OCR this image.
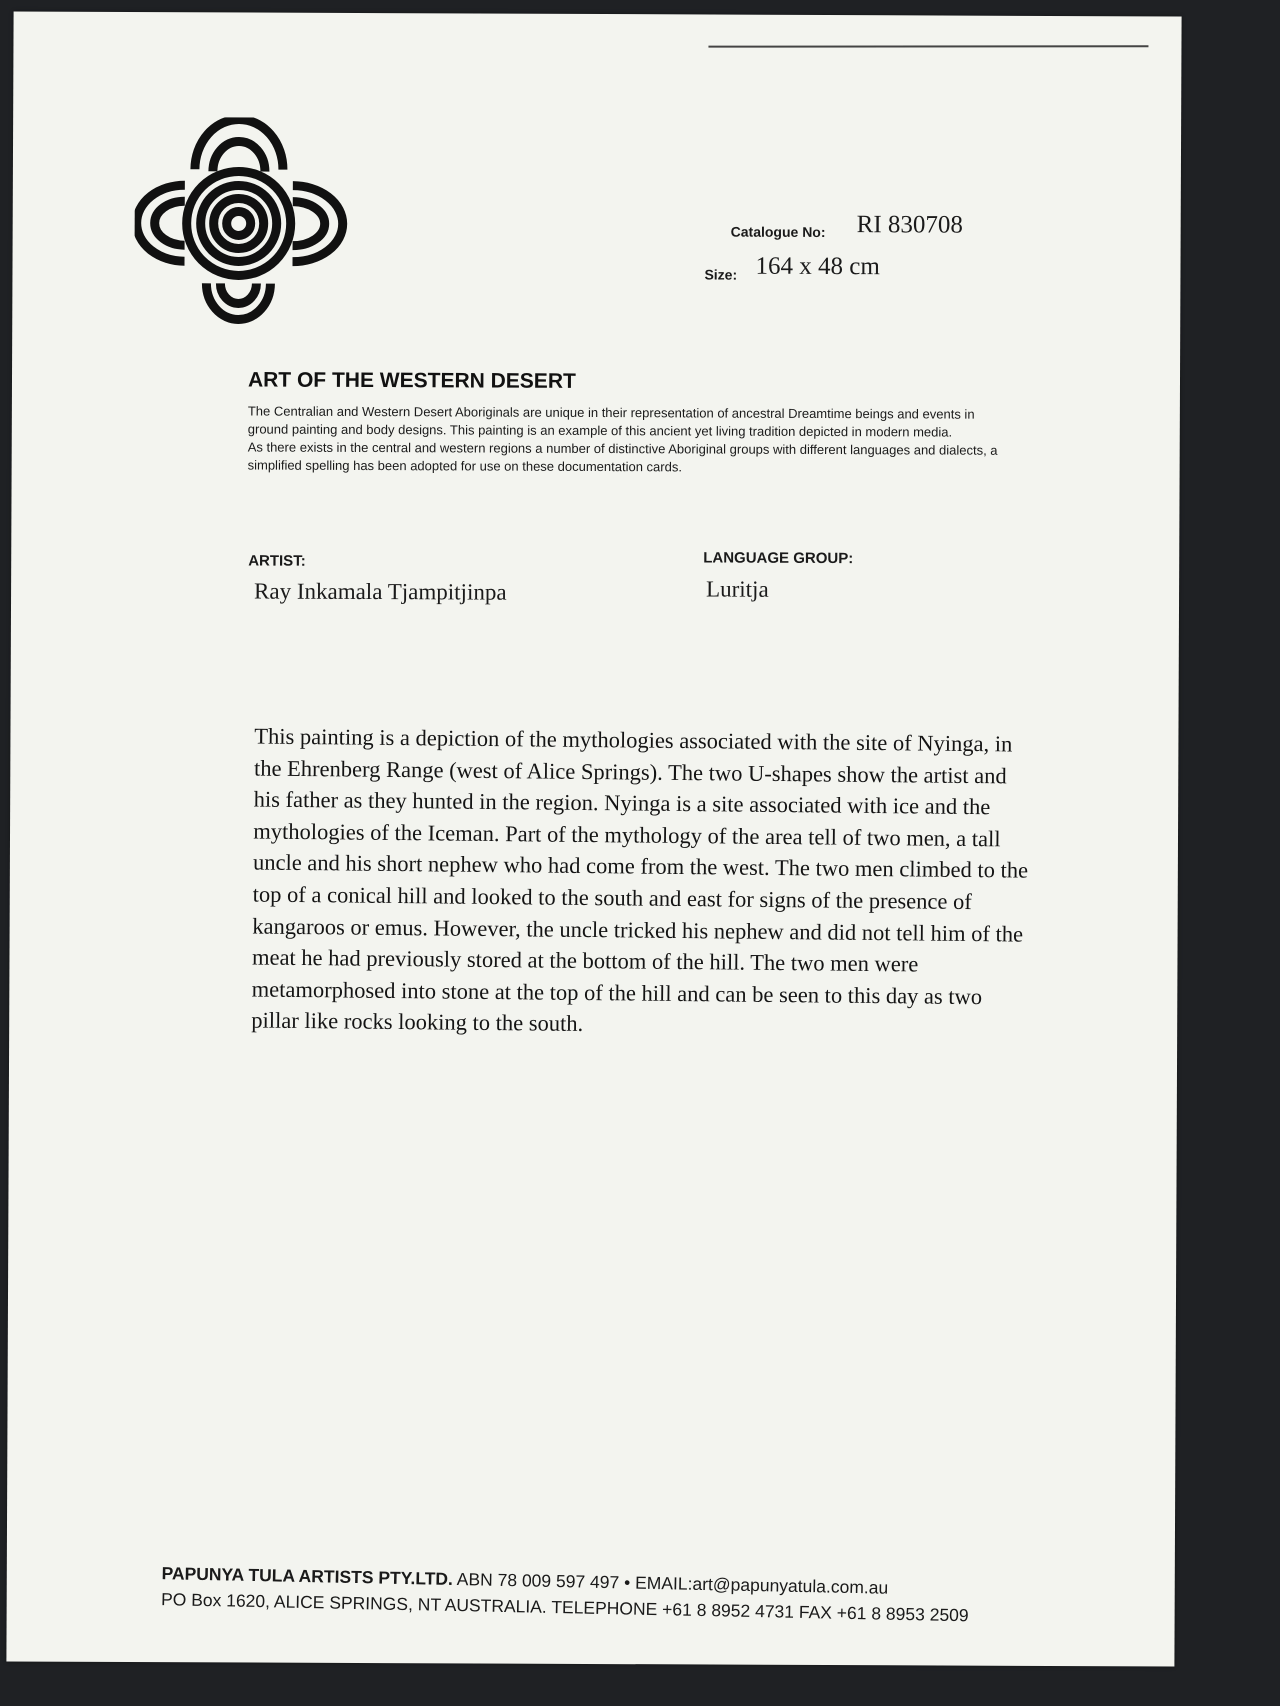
Catalogue No: RI 830708
Size: 164 x 48 cm
ART OF THE WESTERN DESERT

The Centralian and Western Desert Aboriginals are unique in their representation of ancestral Dreamtime beings and events in ground painting and body designs. This painting is an example of this ancient yet living tradition depicted in modern media.

As there exists in the central and western regions a number of distinctive Aboriginal groups with different languages and dialects, a simplified spelling has been adopted for use on these documentation cards.

ARTIST:
Ray Inkamala Tjampitjinpa
LANGUAGE GROUP:
Luritja

This painting is a depiction of the mythologies associated with the site of Nyinga, in the Ehrenberg Range (west of Alice Springs). The two U-shapes show the artist and his father as they hunted in the region. Nyinga is a site associated with ice and the mythologies of the Iceman. Part of the mythology of the area tell of two men, a tall uncle and his short nephew who had come from the west. The two men climbed to the top of a conical hill and looked to the south and east for signs of the presence of kangaroos or emus. However, the uncle tricked his nephew and did not tell him of the meat he had previously stored at the bottom of the hill. The two men were metamorphosed into stone at the top of the hill and can be seen to this day as two pillar like rocks looking to the south.

PAPUNYA TULA ARTISTS PTY.LTD. ABN 78 009 597 497 • EMAIL:art@papunyatula.com.au
PO Box 1620, ALICE SPRINGS, NT AUSTRALIA. TELEPHONE +61 8 8952 4731 FAX +61 8 8953 2509
